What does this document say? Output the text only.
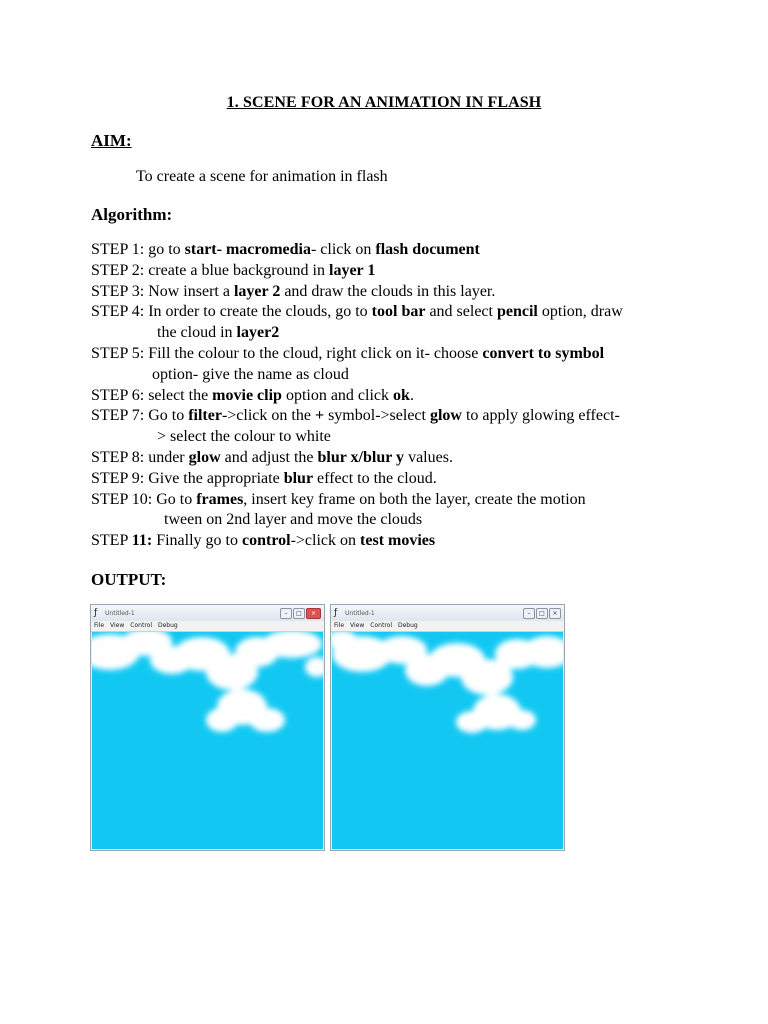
1. SCENE FOR AN ANIMATION IN FLASH
AIM:
To create a scene for animation in flash
Algorithm:
STEP 1: go to start- macromedia- click on flash document
STEP 2: create a blue background in layer 1
STEP 3: Now insert a layer 2 and draw the clouds in this layer.
STEP 4: In order to create the clouds, go to tool bar and select pencil option, draw
the cloud in layer2
STEP 5: Fill the colour to the cloud, right click on it- choose convert to symbol
option- give the name as cloud
STEP 6: select the movie clip option and click ok.
STEP 7: Go to filter->click on the + symbol->select glow to apply glowing effect-
> select the colour to white
STEP 8: under glow and adjust the blur x/blur y values.
STEP 9: Give the appropriate blur effect to the cloud.
STEP 10: Go to frames, insert key frame on both the layer, create the motion
tween on 2nd layer and move the clouds
STEP 11: Finally go to control->click on test movies
OUTPUT:
ƒ	Untitled-1	–	□	×
File View Control Debug
ƒ	Untitled-1	–	□	×
File View Control Debug
